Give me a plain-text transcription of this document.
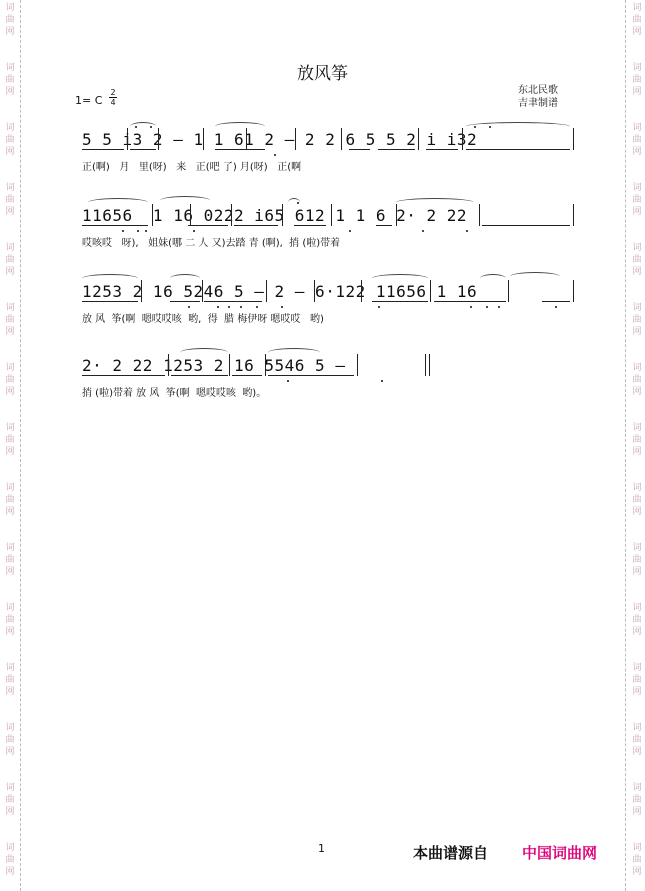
词
曲
网
词
曲
网
词
曲
网
词
曲
网
词
曲
网
词
曲
网
词
曲
网
词
曲
网
词
曲
网
词
曲
网
词
曲
网
词
曲
网
词
曲
网
词
曲
网
词
曲
网
词
曲
网
词
曲
网
词
曲
网
词
曲
网
词
曲
网
词
曲
网
词
曲
网
词
曲
网
词
曲
网
词
曲
网
词
曲
网
词
曲
网
词
曲
网
词
曲
网
词
曲
网
放风筝
东北民歌
吉聿制谱
1= C
2
4
5 5 i3 2 – 1 1 61 2 – 2 2 6 5 5 2 i i32
正(啊)   月   里(呀)   来   正(吧 了) 月(呀)   正(啊
11656  1 16 0222 i65 612 1 1 6 2· 2 22
哎咳哎   呀),   姐妹(哪 二 人 又)去踏 青 (啊),  捎 (啦)带着
1253 2 16 5246 5 – 2 – 6·122 11656 1 16
放 风  筝(啊  嗯哎哎咳  哟,  得  腊 梅伊呀 嗯哎哎   哟)
2· 2 22 1253 2 16 5546 5 –
捎 (啦)带着 放 风  筝(啊  嗯哎哎咳  哟)。
1	本曲谱源自 中国词曲网
